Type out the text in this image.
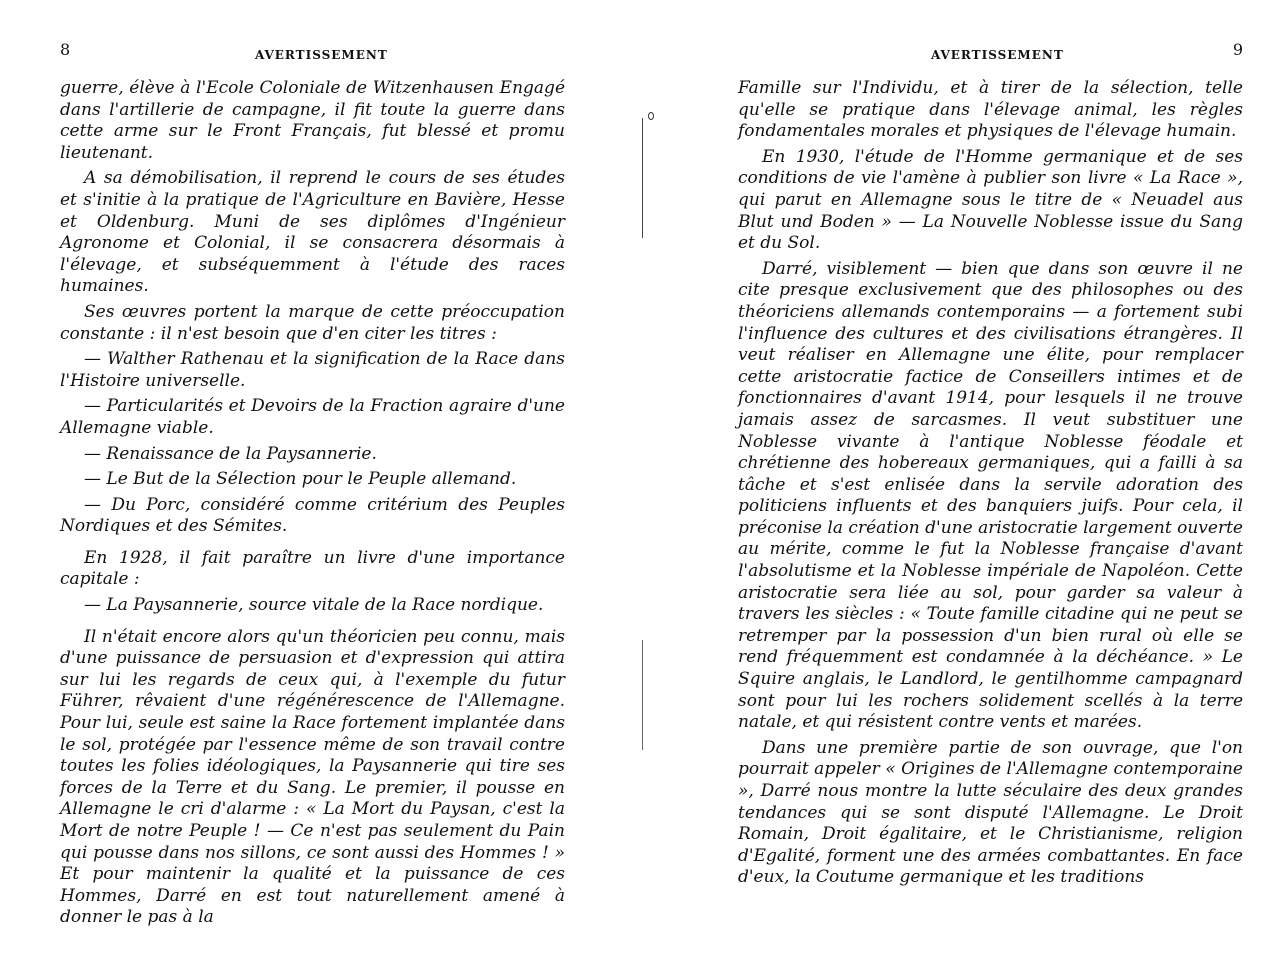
8	AVERTISSEMENT

guerre, élève à l'Ecole Coloniale de Witzenhausen Engagé dans l'artillerie de campagne, il fit toute la guerre dans cette arme sur le Front Français, fut blessé et promu lieutenant.

A sa démobilisation, il reprend le cours de ses études et s'initie à la pratique de l'Agriculture en Bavière, Hesse et Oldenburg. Muni de ses diplômes d'Ingénieur Agronome et Colonial, il se consacrera désormais à l'élevage, et subséquemment à l'étude des races humaines.

Ses œuvres portent la marque de cette préoccupation constante : il n'est besoin que d'en citer les titres :

— Walther Rathenau et la signification de la Race dans l'Histoire universelle.

— Particularités et Devoirs de la Fraction agraire d'une Allemagne viable.

— Renaissance de la Paysannerie.

— Le But de la Sélection pour le Peuple allemand.

— Du Porc, considéré comme critérium des Peuples Nordiques et des Sémites.

En 1928, il fait paraître un livre d'une importance capitale :

— La Paysannerie, source vitale de la Race nordique.

Il n'était encore alors qu'un théoricien peu connu, mais d'une puissance de persuasion et d'expression qui attira sur lui les regards de ceux qui, à l'exemple du futur Führer, rêvaient d'une régénérescence de l'Allemagne. Pour lui, seule est saine la Race fortement implantée dans le sol, protégée par l'essence même de son travail contre toutes les folies idéologiques, la Paysannerie qui tire ses forces de la Terre et du Sang. Le premier, il pousse en Allemagne le cri d'alarme : « La Mort du Paysan, c'est la Mort de notre Peuple ! — Ce n'est pas seulement du Pain qui pousse dans nos sillons, ce sont aussi des Hommes ! » Et pour maintenir la qualité et la puissance de ces Hommes, Darré en est tout naturellement amené à donner le pas à la

AVERTISSEMENT	9

Famille sur l'Individu, et à tirer de la sélection, telle qu'elle se pratique dans l'élevage animal, les règles fondamentales morales et physiques de l'élevage humain.

En 1930, l'étude de l'Homme germanique et de ses conditions de vie l'amène à publier son livre « La Race », qui parut en Allemagne sous le titre de « Neuadel aus Blut und Boden » — La Nouvelle Noblesse issue du Sang et du Sol.

Darré, visiblement — bien que dans son œuvre il ne cite presque exclusivement que des philosophes ou des théoriciens allemands contemporains — a fortement subi l'influence des cultures et des civilisations étrangères. Il veut réaliser en Allemagne une élite, pour remplacer cette aristocratie factice de Conseillers intimes et de fonctionnaires d'avant 1914, pour lesquels il ne trouve jamais assez de sarcasmes. Il veut substituer une Noblesse vivante à l'antique Noblesse féodale et chrétienne des hobereaux germaniques, qui a failli à sa tâche et s'est enlisée dans la servile adoration des politiciens influents et des banquiers juifs. Pour cela, il préconise la création d'une aristocratie largement ouverte au mérite, comme le fut la Noblesse française d'avant l'absolutisme et la Noblesse impériale de Napoléon. Cette aristocratie sera liée au sol, pour garder sa valeur à travers les siècles : « Toute famille citadine qui ne peut se retremper par la possession d'un bien rural où elle se rend fréquemment est condamnée à la déchéance. » Le Squire anglais, le Landlord, le gentilhomme campagnard sont pour lui les rochers solidement scellés à la terre natale, et qui résistent contre vents et marées.

Dans une première partie de son ouvrage, que l'on pourrait appeler « Origines de l'Allemagne contemporaine », Darré nous montre la lutte séculaire des deux grandes tendances qui se sont disputé l'Allemagne. Le Droit Romain, Droit égalitaire, et le Christianisme, religion d'Egalité, forment une des armées combattantes. En face d'eux, la Coutume germanique et les traditions
